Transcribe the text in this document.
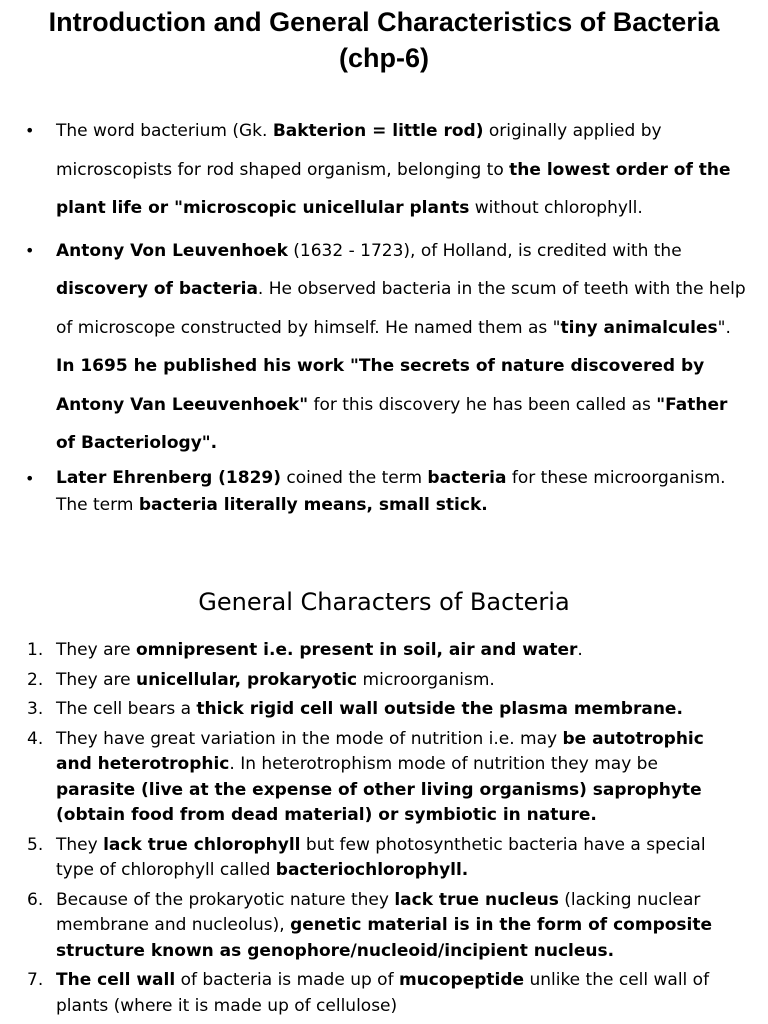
Introduction and General Characteristics of Bacteria (chp-6)
• The word bacterium (Gk. Bakterion = little rod) originally applied by microscopists for rod shaped organism, belonging to the lowest order of the plant life or "microscopic unicellular plants without chlorophyll.
• Antony Von Leuvenhoek (1632 - 1723), of Holland, is credited with the discovery of bacteria. He observed bacteria in the scum of teeth with the help of microscope constructed by himself. He named them as "tiny animalcules". In 1695 he published his work "The secrets of nature discovered by Antony Van Leeuvenhoek" for this discovery he has been called as "Father of Bacteriology".
• Later Ehrenberg (1829) coined the term bacteria for these microorganism. The term bacteria literally means, small stick.
General Characters of Bacteria
1. They are omnipresent i.e. present in soil, air and water.
2. They are unicellular, prokaryotic microorganism.
3. The cell bears a thick rigid cell wall outside the plasma membrane.
4. They have great variation in the mode of nutrition i.e. may be autotrophic and heterotrophic. In heterotrophism mode of nutrition they may be parasite (live at the expense of other living organisms) saprophyte (obtain food from dead material) or symbiotic in nature.
5. They lack true chlorophyll but few photosynthetic bacteria have a special type of chlorophyll called bacteriochlorophyll.
6. Because of the prokaryotic nature they lack true nucleus (lacking nuclear membrane and nucleolus), genetic material is in the form of composite structure known as genophore/nucleoid/incipient nucleus.
7. The cell wall of bacteria is made up of mucopeptide unlike the cell wall of plants (where it is made up of cellulose)
